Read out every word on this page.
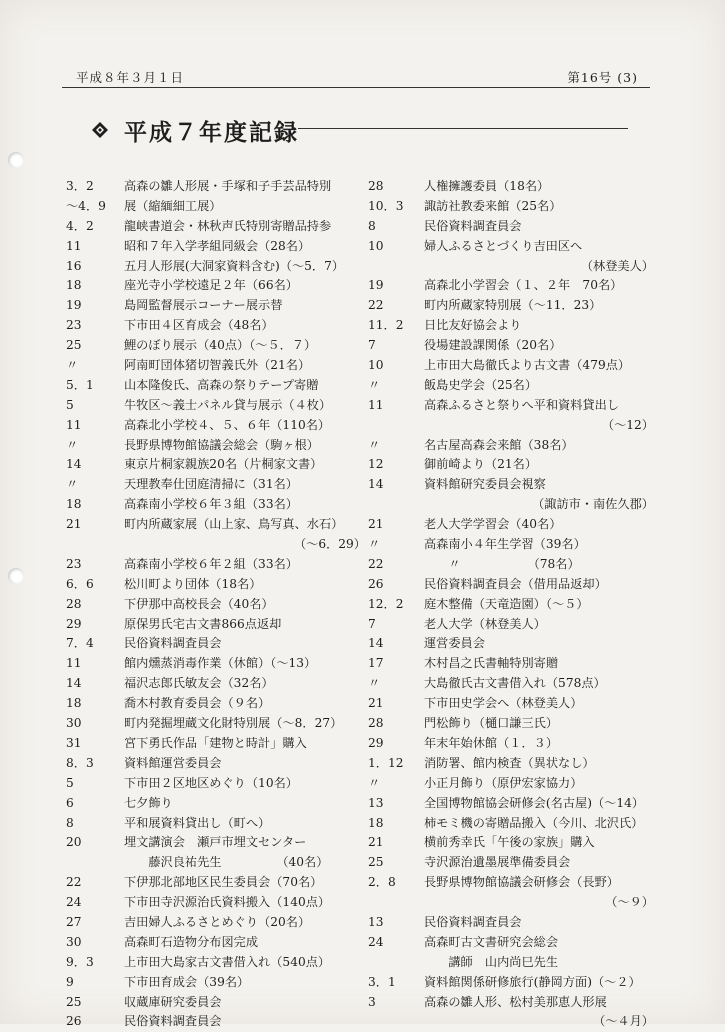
平成８年３月１日	第16号 (3)
平成７年度記録
3．2	高森の雛人形展・手塚和子手芸品特別
～4．9	展（縮緬細工展）
4．2	龍峡書道会・林秋声氏特別寄贈品持参
11	昭和７年入学孝組同級会（28名）
16	五月人形展(大洞家資料含む)（～5．7）
18	座光寺小学校遠足２年（66名）
19	島岡監督展示コーナー展示替
23	下市田４区育成会（48名）
25	鯉のぼり展示（40点）（～５．７）
〃	阿南町団体猪切智義氏外（21名）
5．1	山本隆俊氏、高森の祭りテープ寄贈
5	牛牧区〜義士パネル貸与展示（４枚）
11	高森北小学校４、５、６年（110名）
〃	長野県博物館協議会総会（駒ヶ根）
14	東京片桐家親族20名（片桐家文書）
〃	天理教奉仕団庭清掃に（31名）
18	高森南小学校６年３組（33名）
21	町内所蔵家展（山上家、鳥写真、水石）
（～6．29）
23	高森南小学校６年２組（33名）
6．6	松川町より団体（18名）
28	下伊那中高校長会（40名）
29	原保男氏宅古文書866点返却
7．4	民俗資料調査員会
11	館内燻蒸消毒作業（休館）（～13）
14	福沢志郎氏敏友会（32名）
18	喬木村教育委員会（９名）
30	町内発掘埋蔵文化財特別展（～8．27）
31	宮下勇氏作品「建物と時計」購入
8．3	資料館運営委員会
5	下市田２区地区めぐり（10名）
6	七夕飾り
8	平和展資料貸出し（町へ）
20	埋文講演会　瀬戸市埋文センター
　　藤沢良祐先生　　　　　（40名）
22	下伊那北部地区民生委員会（70名）
24	下市田寺沢源治氏資料搬入（140点）
27	吉田婦人ふるさとめぐり（20名）
30	高森町石造物分布図完成
9．3	上市田大島家古文書借入れ（540点）
9	下市田育成会（39名）
25	収蔵庫研究委員会
26	民俗資料調査員会
28	人権擁護委員（18名）
10．3	諏訪社教委来館（25名）
8	民俗資料調査員会
10	婦人ふるさとづくり吉田区へ
（林登美人）
19	高森北小学習会（１、２年　70名）
22	町内所蔵家特別展（～11．23）
11．2	日比友好協会より
7	役場建設課関係（20名）
10	上市田大島徹氏より古文書（479点）
〃	飯島史学会（25名）
11	高森ふるさと祭りへ平和資料貸出し
（～12）
〃	名古屋高森会来館（38名）
12	御前崎より（21名）
14	資料館研究委員会視察
（諏訪市・南佐久郡）
21	老人大学学習会（40名）
〃	高森南小４年生学習（39名）
22	　　〃　　　　　　（78名）
26	民俗資料調査員会（借用品返却）
12．2	庭木整備（天竜造園）（～５）
7	老人大学（林登美人）
14	運営委員会
17	木村昌之氏書軸特別寄贈
〃	大島徹氏古文書借入れ（578点）
21	下市田史学会へ（林登美人）
28	門松飾り（樋口謙三氏）
29	年末年始休館（１．３）
1．12	消防署、館内検査（異状なし）
〃	小正月飾り（原伊宏家協力）
13	全国博物館協会研修会(名古屋)（～14）
18	柿モミ機の寄贈品搬入（今川、北沢氏）
21	横前秀幸氏「午後の家族」購入
25	寺沢源治遺墨展準備委員会
2．8	長野県博物館協議会研修会（長野）
（～９）
13	民俗資料調査員会
24	高森町古文書研究会総会
　　講師　山内尚巳先生
3．1	資料館関係研修旅行(静岡方面)（～２）
3	高森の雛人形、松村美那恵人形展
（～４月）
